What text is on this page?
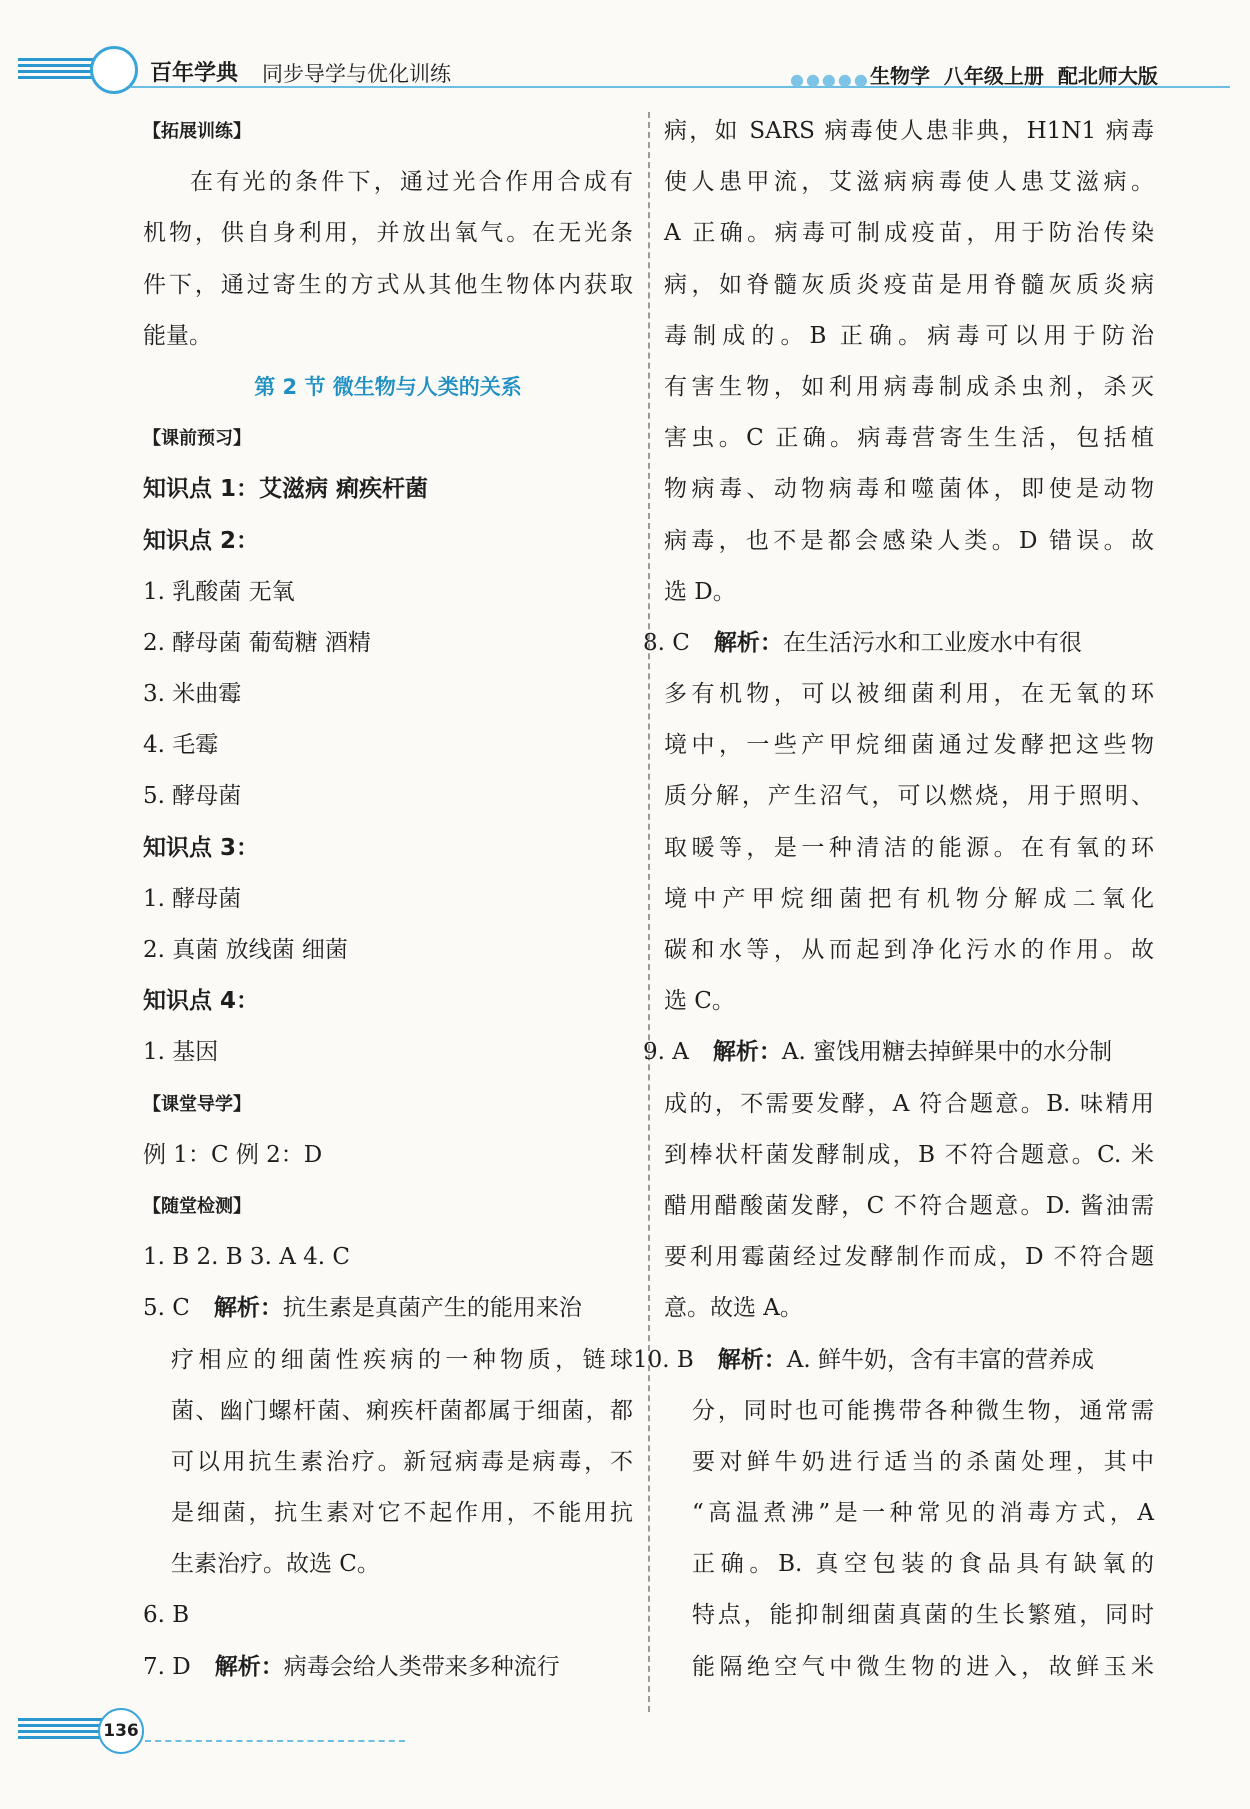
百年学典 同步导学与优化训练	●●●●● 生物学  八年级上册  配北师大版
【拓展训练】
在有光的条件下，通过光合作用合成有
机物，供自身利用，并放出氧气。在无光条
件下，通过寄生的方式从其他生物体内获取
能量。
第 2 节 微生物与人类的关系
【课前预习】
知识点 1：艾滋病 痢疾杆菌
知识点 2：
1. 乳酸菌 无氧
2. 酵母菌 葡萄糖 酒精
3. 米曲霉
4. 毛霉
5. 酵母菌
知识点 3：
1. 酵母菌
2. 真菌 放线菌 细菌
知识点 4：
1. 基因
【课堂导学】
例 1：C 例 2：D
【随堂检测】
1. B 2. B 3. A 4. C
5. C 解析：抗生素是真菌产生的能用来治
疗相应的细菌性疾病的一种物质，链球
菌、幽门螺杆菌、痢疾杆菌都属于细菌，都
可以用抗生素治疗。新冠病毒是病毒，不
是细菌，抗生素对它不起作用，不能用抗
生素治疗。故选 C。
6. B
7. D 解析：病毒会给人类带来多种流行
病，如 SARS 病毒使人患非典，H1N1 病毒
使人患甲流，艾滋病病毒使人患艾滋病。
A 正确。病毒可制成疫苗，用于防治传染
病，如脊髓灰质炎疫苗是用脊髓灰质炎病
毒制成的。B 正确。病毒可以用于防治
有害生物，如利用病毒制成杀虫剂，杀灭
害虫。C 正确。病毒营寄生生活，包括植
物病毒、动物病毒和噬菌体，即使是动物
病毒，也不是都会感染人类。D 错误。故
选 D。
8. C 解析：在生活污水和工业废水中有很
多有机物，可以被细菌利用，在无氧的环
境中，一些产甲烷细菌通过发酵把这些物
质分解，产生沼气，可以燃烧，用于照明、
取暖等，是一种清洁的能源。在有氧的环
境中产甲烷细菌把有机物分解成二氧化
碳和水等，从而起到净化污水的作用。故
选 C。
9. A 解析：A. 蜜饯用糖去掉鲜果中的水分制
成的，不需要发酵，A 符合题意。B. 味精用
到棒状杆菌发酵制成，B 不符合题意。C. 米
醋用醋酸菌发酵，C 不符合题意。D. 酱油需
要利用霉菌经过发酵制作而成，D 不符合题
意。故选 A。
10. B 解析：A. 鲜牛奶，含有丰富的营养成
分，同时也可能携带各种微生物，通常需
要对鲜牛奶进行适当的杀菌处理，其中
“高温煮沸”是一种常见的消毒方式，A
正确。B. 真空包装的食品具有缺氧的
特点，能抑制细菌真菌的生长繁殖，同时
能隔绝空气中微生物的进入，故鲜玉米
136
